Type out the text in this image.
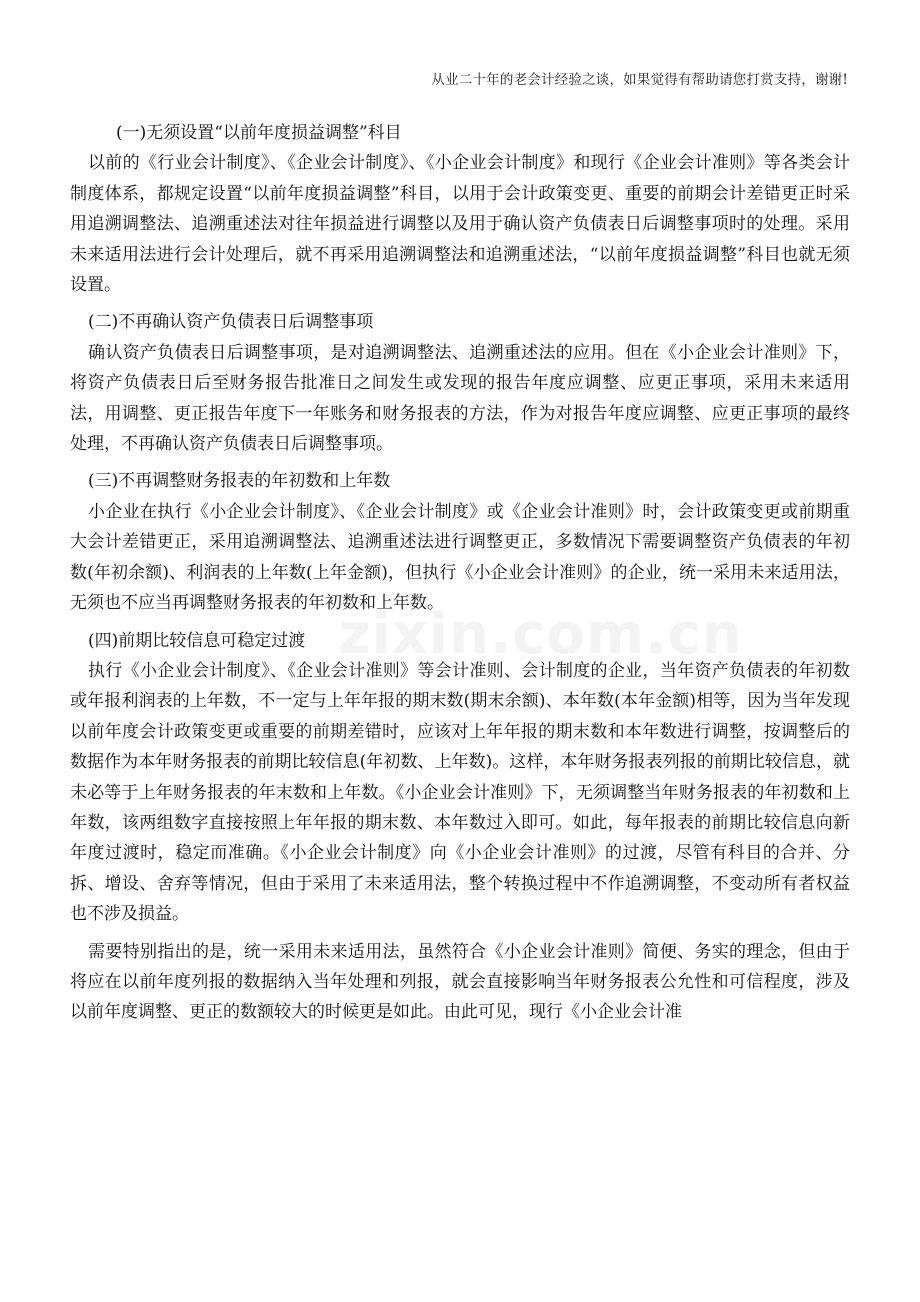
从业二十年的老会计经验之谈，如果觉得有帮助请您打赏支持，谢谢!
zixin.com.cn

(一)无须设置“以前年度损益调整”科目

以前的《行业会计制度》、《企业会计制度》、《小企业会计制度》和现行《企业会计准则》等各类会计制度体系，都规定设置“以前年度损益调整”科目，以用于会计政策变更、重要的前期会计差错更正时采用追溯调整法、追溯重述法对往年损益进行调整以及用于确认资产负债表日后调整事项时的处理。采用未来适用法进行会计处理后，就不再采用追溯调整法和追溯重述法，“以前年度损益调整”科目也就无须设置。

(二)不再确认资产负债表日后调整事项

确认资产负债表日后调整事项，是对追溯调整法、追溯重述法的应用。但在《小企业会计准则》下，将资产负债表日后至财务报告批准日之间发生或发现的报告年度应调整、应更正事项，采用未来适用法，用调整、更正报告年度下一年账务和财务报表的方法，作为对报告年度应调整、应更正事项的最终处理，不再确认资产负债表日后调整事项。

(三)不再调整财务报表的年初数和上年数

小企业在执行《小企业会计制度》、《企业会计制度》或《企业会计准则》时，会计政策变更或前期重大会计差错更正，采用追溯调整法、追溯重述法进行调整更正，多数情况下需要调整资产负债表的年初数(年初余额)、利润表的上年数(上年金额)，但执行《小企业会计准则》的企业，统一采用未来适用法，无须也不应当再调整财务报表的年初数和上年数。

(四)前期比较信息可稳定过渡

执行《小企业会计制度》、《企业会计准则》等会计准则、会计制度的企业，当年资产负债表的年初数或年报利润表的上年数，不一定与上年年报的期末数(期末余额)、本年数(本年金额)相等，因为当年发现以前年度会计政策变更或重要的前期差错时，应该对上年年报的期末数和本年数进行调整，按调整后的数据作为本年财务报表的前期比较信息(年初数、上年数)。这样，本年财务报表列报的前期比较信息，就未必等于上年财务报表的年末数和上年数。《小企业会计准则》下，无须调整当年财务报表的年初数和上年数，该两组数字直接按照上年年报的期末数、本年数过入即可。如此，每年报表的前期比较信息向新年度过渡时，稳定而准确。《小企业会计制度》向《小企业会计准则》的过渡，尽管有科目的合并、分拆、增设、舍弃等情况，但由于采用了未来适用法，整个转换过程中不作追溯调整，不变动所有者权益也不涉及损益。

需要特别指出的是，统一采用未来适用法，虽然符合《小企业会计准则》简便、务实的理念，但由于将应在以前年度列报的数据纳入当年处理和列报，就会直接影响当年财务报表公允性和可信程度，涉及以前年度调整、更正的数额较大的时候更是如此。由此可见，现行《小企业会计准
